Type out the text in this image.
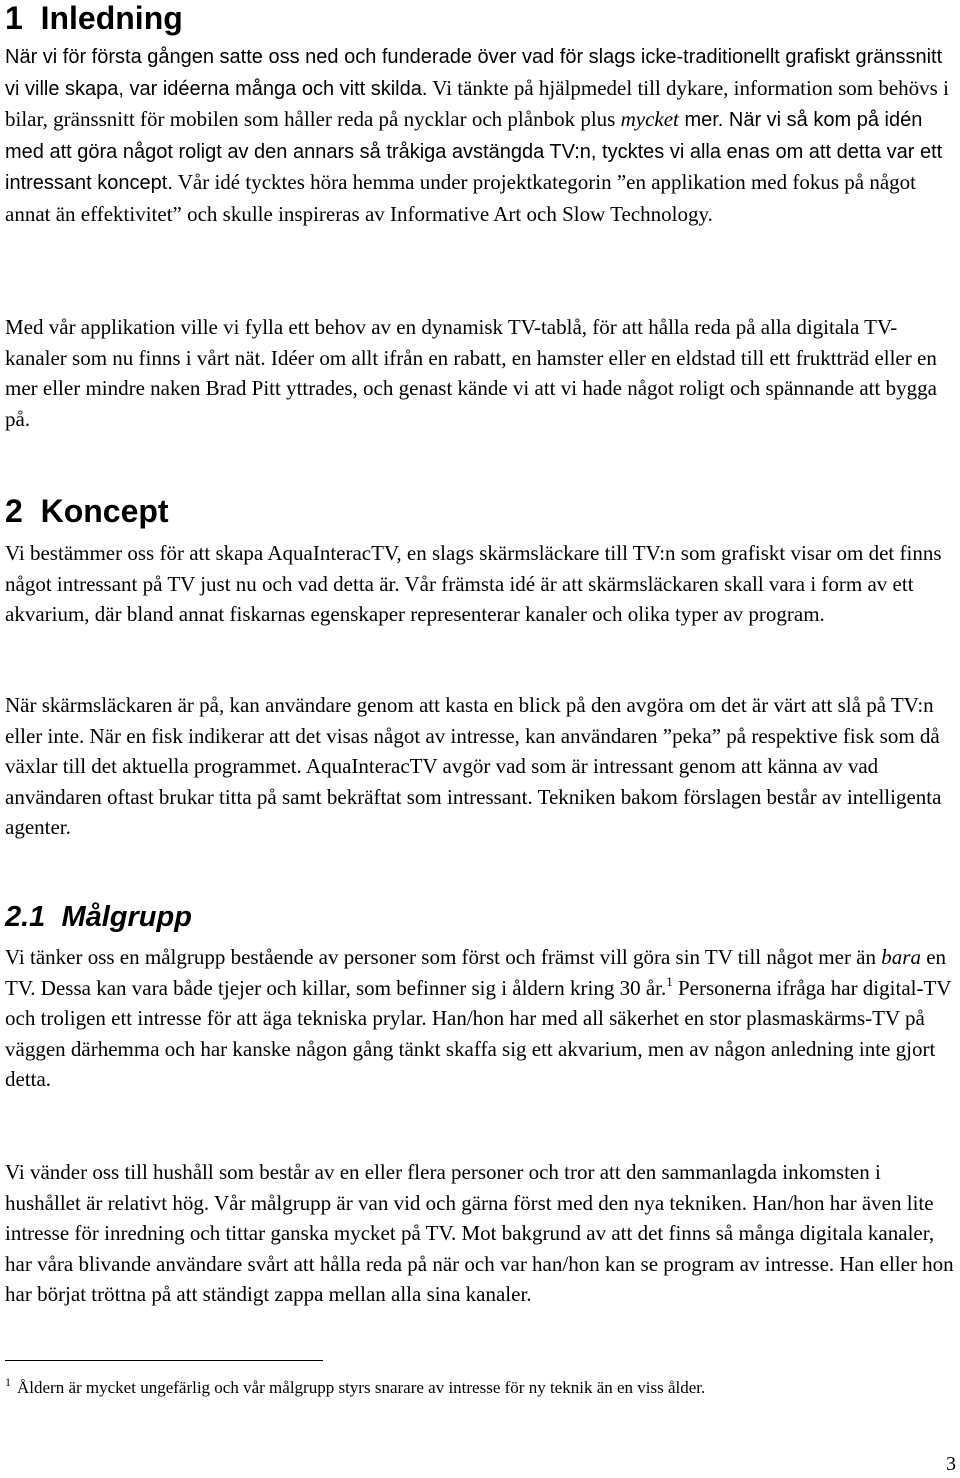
1 Inledning

När vi för första gången satte oss ned och funderade över vad för slags icke-traditionellt grafiskt gränssnitt vi ville skapa, var idéerna många och vitt skilda. Vi tänkte på hjälpmedel till dykare, information som behövs i bilar, gränssnitt för mobilen som håller reda på nycklar och plånbok plus mycket mer. När vi så kom på idén med att göra något roligt av den annars så tråkiga avstängda TV:n, tycktes vi alla enas om att detta var ett intressant koncept. Vår idé tycktes höra hemma under projektkategorin ”en applikation med fokus på något annat än effektivitet” och skulle inspireras av Informative Art och Slow Technology.

Med vår applikation ville vi fylla ett behov av en dynamisk TV-tablå, för att hålla reda på alla digitala TV-kanaler som nu finns i vårt nät. Idéer om allt ifrån en rabatt, en hamster eller en eldstad till ett fruktträd eller en mer eller mindre naken Brad Pitt yttrades, och genast kände vi att vi hade något roligt och spännande att bygga på.

2 Koncept

Vi bestämmer oss för att skapa AquaInteracTV, en slags skärmsläckare till TV:n som grafiskt visar om det finns något intressant på TV just nu och vad detta är. Vår främsta idé är att skärmsläckaren skall vara i form av ett akvarium, där bland annat fiskarnas egenskaper representerar kanaler och olika typer av program.

När skärmsläckaren är på, kan användare genom att kasta en blick på den avgöra om det är värt att slå på TV:n eller inte. När en fisk indikerar att det visas något av intresse, kan användaren ”peka” på respektive fisk som då växlar till det aktuella programmet. AquaInteracTV avgör vad som är intressant genom att känna av vad användaren oftast brukar titta på samt bekräftat som intressant. Tekniken bakom förslagen består av intelligenta agenter.

2.1 Målgrupp

Vi tänker oss en målgrupp bestående av personer som först och främst vill göra sin TV till något mer än bara en TV. Dessa kan vara både tjejer och killar, som befinner sig i åldern kring 30 år.$^1$ Personerna ifråga har digital-TV och troligen ett intresse för att äga tekniska prylar. Han/hon har med all säkerhet en stor plasmaskärms-TV på väggen därhemma och har kanske någon gång tänkt skaffa sig ett akvarium, men av någon anledning inte gjort detta.

Vi vänder oss till hushåll som består av en eller flera personer och tror att den sammanlagda inkomsten i hushållet är relativt hög. Vår målgrupp är van vid och gärna först med den nya tekniken. Han/hon har även lite intresse för inredning och tittar ganska mycket på TV. Mot bakgrund av att det finns så många digitala kanaler, har våra blivande användare svårt att hålla reda på när och var han/hon kan se program av intresse. Han eller hon har börjat tröttna på att ständigt zappa mellan alla sina kanaler.

$^1$ Åldern är mycket ungefärlig och vår målgrupp styrs snarare av intresse för ny teknik än en viss ålder.

3
